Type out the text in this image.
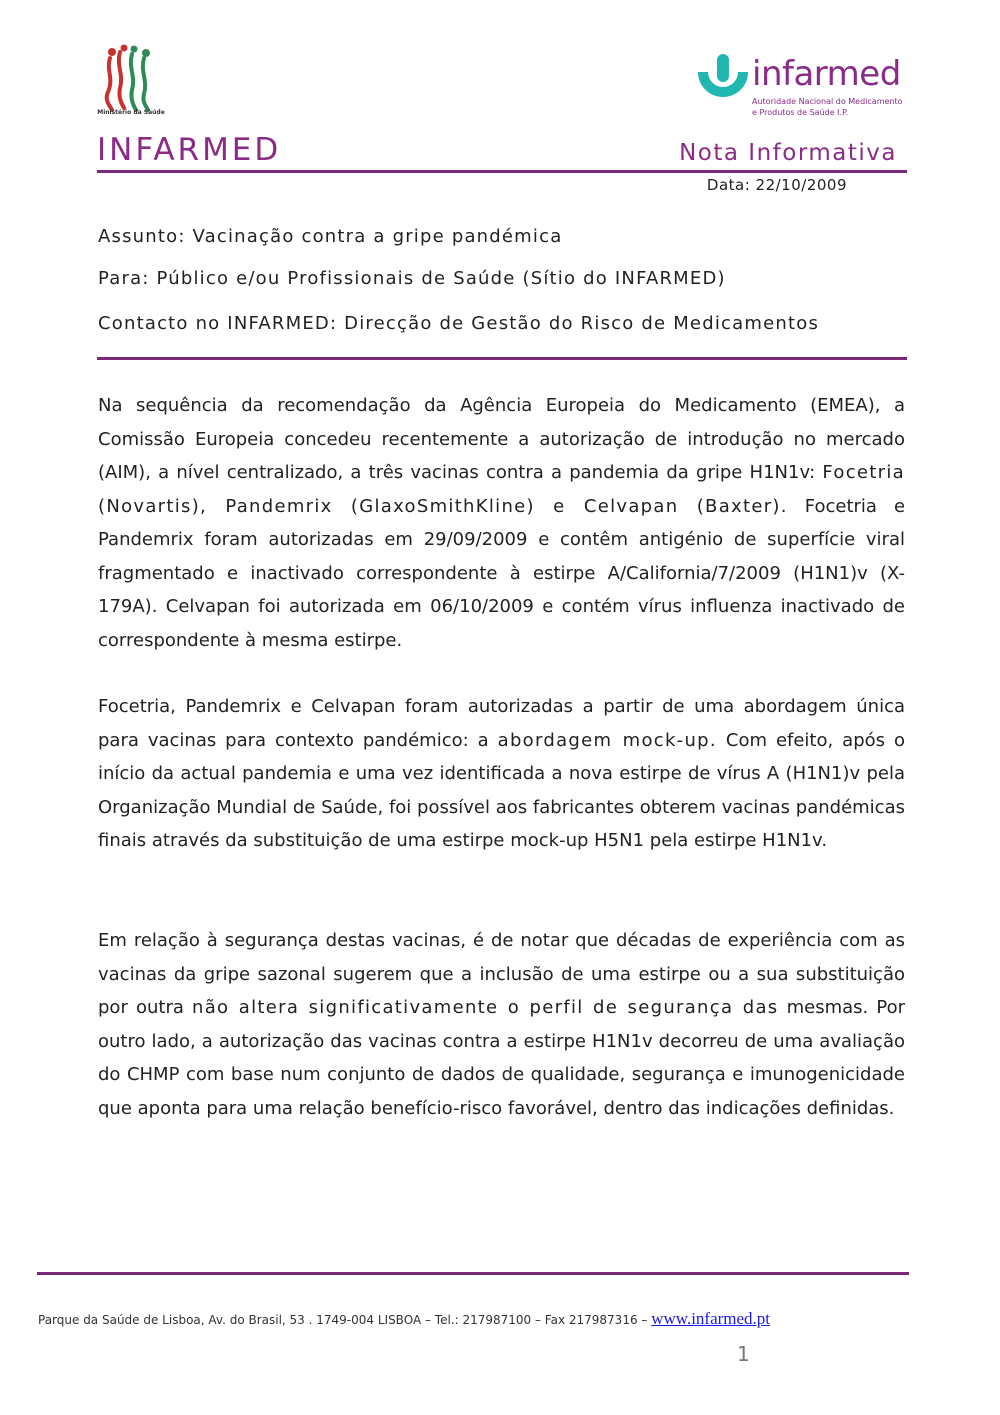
Ministério da Saúde
infarmed
Autoridade Nacional do Medicamento
e Produtos de Saúde I.P.
INFARMED	Nota Informativa
Data: 22/10/2009
Assunto: Vacinação contra a gripe pandémica
Para: Público e/ou Profissionais de Saúde (Sítio do INFARMED)
Contacto no INFARMED: Direcção de Gestão do Risco de Medicamentos

Na sequência da recomendação da Agência Europeia do Medicamento (EMEA), a Comissão Europeia concedeu recentemente a autorização de introdução no mercado (AIM), a nível centralizado, a três vacinas contra a pandemia da gripe H1N1v: Focetria (Novartis), Pandemrix (GlaxoSmithKline) e Celvapan (Baxter). Focetria e Pandemrix foram autorizadas em 29/09/2009 e contêm antigénio de superfície viral fragmentado e inactivado correspondente à estirpe A/California/7/2009 (H1N1)v (X-179A). Celvapan foi autorizada em 06/10/2009 e contém vírus influenza inactivado de correspondente à mesma estirpe.

Focetria, Pandemrix e Celvapan foram autorizadas a partir de uma abordagem única para vacinas para contexto pandémico: a abordagem mock-up. Com efeito, após o início da actual pandemia e uma vez identificada a nova estirpe de vírus A (H1N1)v pela Organização Mundial de Saúde, foi possível aos fabricantes obterem vacinas pandémicas finais através da substituição de uma estirpe mock-up H5N1 pela estirpe H1N1v.

Em relação à segurança destas vacinas, é de notar que décadas de experiência com as vacinas da gripe sazonal sugerem que a inclusão de uma estirpe ou a sua substituição por outra não altera significativamente o perfil de segurança das mesmas. Por outro lado, a autorização das vacinas contra a estirpe H1N1v decorreu de uma avaliação do CHMP com base num conjunto de dados de qualidade, segurança e imunogenicidade que aponta para uma relação benefício-risco favorável, dentro das indicações definidas.

Parque da Saúde de Lisboa, Av. do Brasil, 53 . 1749-004 LISBOA – Tel.: 217987100 – Fax 217987316 – www.infarmed.pt
1
